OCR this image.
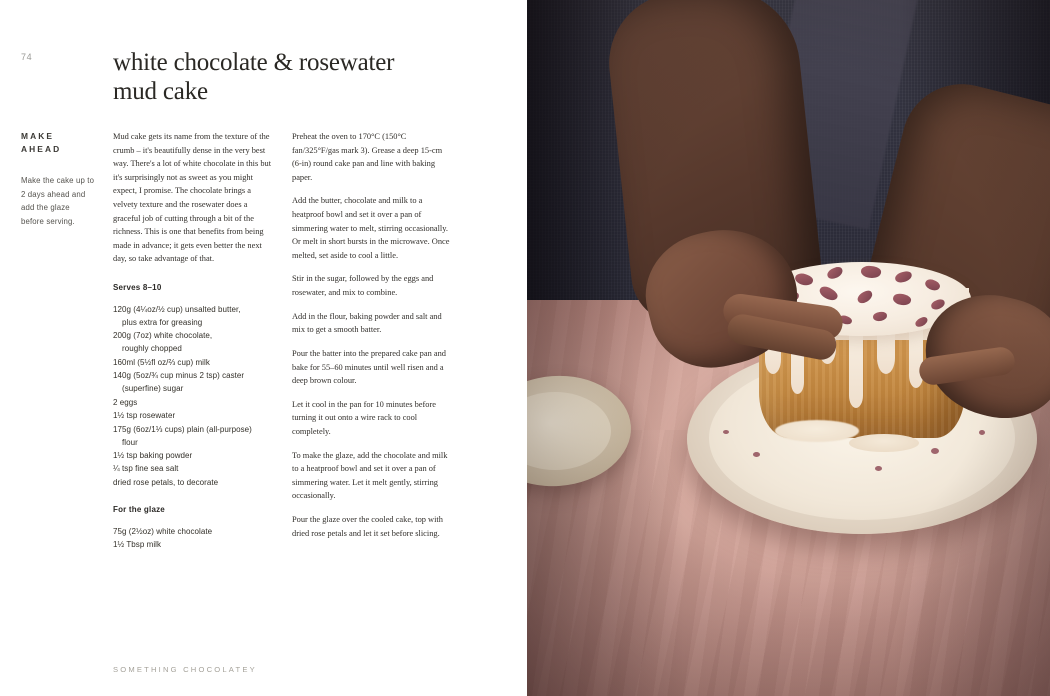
74	white chocolate & rosewater mud cake
MAKE AHEAD
Make the cake up to 2 days ahead and add the glaze before serving.

Mud cake gets its name from the texture of the crumb – it's beautifully dense in the very best way. There's a lot of white chocolate in this but it's surprisingly not as sweet as you might expect, I promise. The chocolate brings a velvety texture and the rosewater does a graceful job of cutting through a bit of the richness. This is one that benefits from being made in advance; it gets even better the next day, so take advantage of that.

Serves 8–10
120g (4¼oz/½ cup) unsalted butter,
plus extra for greasing
200g (7oz) white chocolate,
roughly chopped
160ml (5½fl oz/⅔ cup) milk
140g (5oz/¾ cup minus 2 tsp) caster
(superfine) sugar
2 eggs
1½ tsp rosewater
175g (6oz/1⅓ cups) plain (all-purpose)
flour
1½ tsp baking powder
¼ tsp fine sea salt
dried rose petals, to decorate
For the glaze
75g (2½oz) white chocolate
1½ Tbsp milk

Preheat the oven to 170°C (150°C fan/325°F/gas mark 3). Grease a deep 15-cm (6-in) round cake pan and line with baking paper.

Add the butter, chocolate and milk to a heatproof bowl and set it over a pan of simmering water to melt, stirring occasionally. Or melt in short bursts in the microwave. Once melted, set aside to cool a little.

Stir in the sugar, followed by the eggs and rosewater, and mix to combine.

Add in the flour, baking powder and salt and mix to get a smooth batter.

Pour the batter into the prepared cake pan and bake for 55–60 minutes until well risen and a deep brown colour.

Let it cool in the pan for 10 minutes before turning it out onto a wire rack to cool completely.

To make the glaze, add the chocolate and milk to a heatproof bowl and set it over a pan of simmering water. Let it melt gently, stirring occasionally.

Pour the glaze over the cooled cake, top with dried rose petals and let it set before slicing.

SOMETHING CHOCOLATEY
